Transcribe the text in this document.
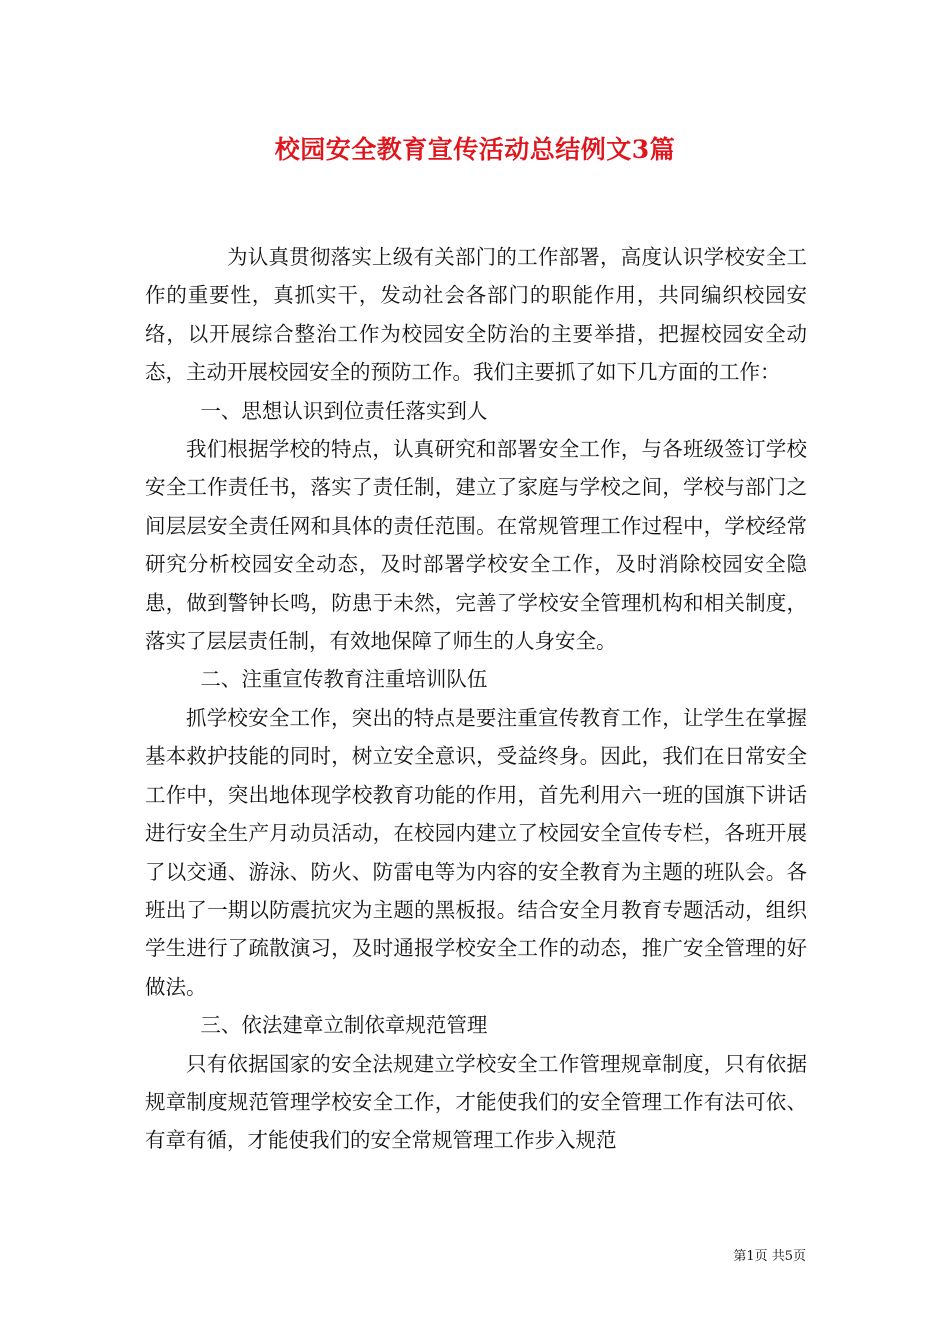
校园安全教育宣传活动总结例文3篇

为认真贯彻落实上级有关部门的工作部署，高度认识学校安全工作的重要性，真抓实干，发动社会各部门的职能作用，共同编织校园安络，以开展综合整治工作为校园安全防治的主要举措，把握校园安全动态，主动开展校园安全的预防工作。我们主要抓了如下几方面的工作：

一、思想认识到位责任落实到人

我们根据学校的特点，认真研究和部署安全工作，与各班级签订学校安全工作责任书，落实了责任制，建立了家庭与学校之间，学校与部门之间层层安全责任网和具体的责任范围。在常规管理工作过程中，学校经常研究分析校园安全动态，及时部署学校安全工作，及时消除校园安全隐患，做到警钟长鸣，防患于未然，完善了学校安全管理机构和相关制度，落实了层层责任制，有效地保障了师生的人身安全。

二、注重宣传教育注重培训队伍

抓学校安全工作，突出的特点是要注重宣传教育工作，让学生在掌握基本救护技能的同时，树立安全意识，受益终身。因此，我们在日常安全工作中，突出地体现学校教育功能的作用，首先利用六一班的国旗下讲话进行安全生产月动员活动，在校园内建立了校园安全宣传专栏，各班开展了以交通、游泳、防火、防雷电等为内容的安全教育为主题的班队会。各班出了一期以防震抗灾为主题的黑板报。结合安全月教育专题活动，组织学生进行了疏散演习，及时通报学校安全工作的动态，推广安全管理的好做法。

三、依法建章立制依章规范管理

只有依据国家的安全法规建立学校安全工作管理规章制度，只有依据规章制度规范管理学校安全工作，才能使我们的安全管理工作有法可依、有章有循，才能使我们的安全常规管理工作步入规范

第1页 共5页
